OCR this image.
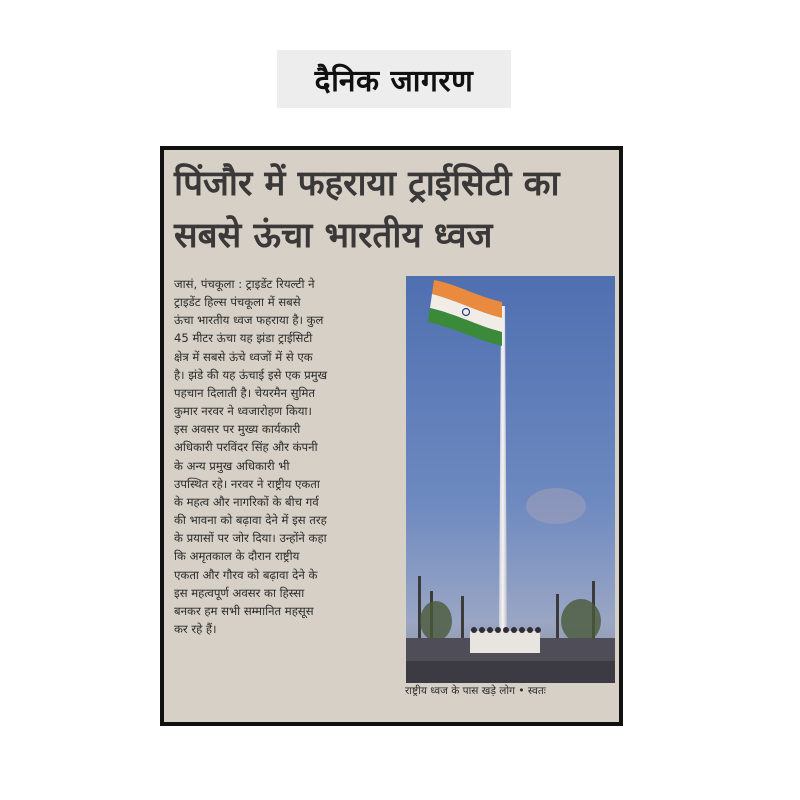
दैनिक जागरण
पिंजौर में फहराया ट्राईसिटी का
सबसे ऊंचा भारतीय ध्वज
जासं, पंचकूला : ट्राइडेंट रियल्टी ने
ट्राइडेंट हिल्स पंचकूला में सबसे
ऊंचा भारतीय ध्वज फहराया है। कुल
45 मीटर ऊंचा यह झंडा ट्राईसिटी
क्षेत्र में सबसे ऊंचे ध्वजों में से एक
है। झंडे की यह ऊंचाई इसे एक प्रमुख
पहचान दिलाती है। चेयरमैन सुमित
कुमार नरवर ने ध्वजारोहण किया।
इस अवसर पर मुख्य कार्यकारी
अधिकारी परविंदर सिंह और कंपनी
के अन्य प्रमुख अधिकारी भी
उपस्थित रहे। नरवर ने राष्ट्रीय एकता
के महत्व और नागरिकों के बीच गर्व
की भावना को बढ़ावा देने में इस तरह
के प्रयासों पर जोर दिया। उन्होंने कहा
कि अमृतकाल के दौरान राष्ट्रीय
एकता और गौरव को बढ़ावा देने के
इस महत्वपूर्ण अवसर का हिस्सा
बनकर हम सभी सम्मानित महसूस
कर रहे हैं।
राष्ट्रीय ध्वज के पास खड़े लोग • स्वतः
